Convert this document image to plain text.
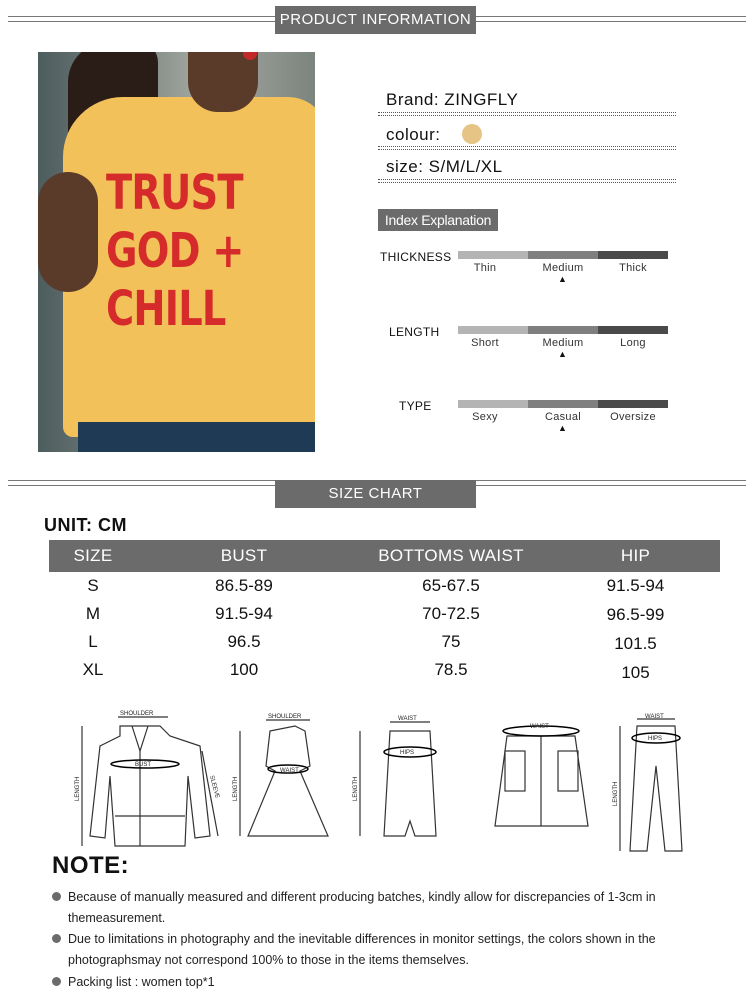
PRODUCT INFORMATION
TRUST
GOD +
CHILL
Brand: ZINGFLY
colour:
size: S/M/L/XL
Index Explanation
THICKNESS
Thin	Medium
▲
Thick
LENGTH
Short	Medium
▲
Long
TYPE
Sexy	Casual
▲
Oversize
SIZE CHART
UNIT: CM
SIZE	BUST	BOTTOMS WAIST	HIP
S	86.5-89	65-67.5	91.5-94
M	91.5-94	70-72.5	96.5-99
L	96.5	75	101.5
XL	100	78.5	105
SHOULDER
BUST
LENGTH	SLEEVE
SHOULDER
WAIST
LENGTH
WAIST
HIPS
LENGTH
WAIST
WAIST
HIPS
LENGTH
NOTE:
Because of manually measured and different producing batches, kindly allow for discrepancies of 1-3cm in themeasurement.
Due to limitations in photography and the inevitable differences in monitor settings, the colors shown in the photographsmay not correspond 100% to those in the items themselves.
Packing list : women top*1
